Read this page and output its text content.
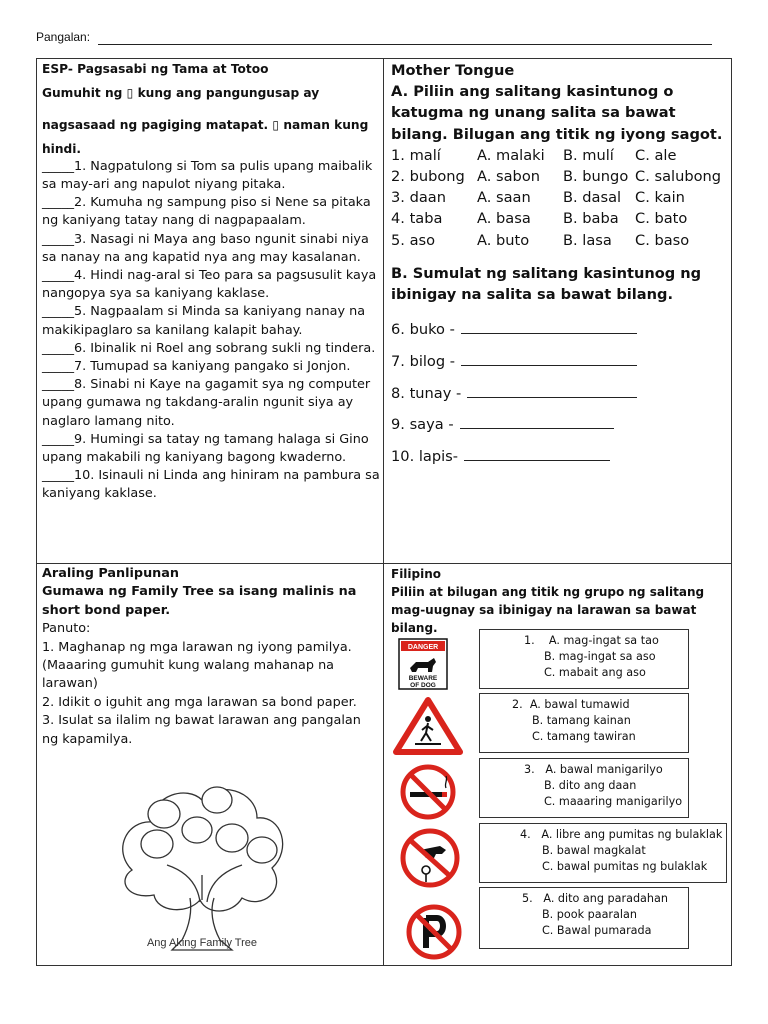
Pangalan:

ESP- Pagsasabi ng Tama at Totoo

Gumuhit ng ▯ kung ang pangungusap ay

nagsasaad ng pagiging matapat. ▯ naman kung

hindi.

_____1. Nagpatulong si Tom sa pulis upang maibalik sa may-ari ang napulot niyang pitaka.

_____2. Kumuha ng sampung piso si Nene sa pitaka ng kaniyang tatay nang di nagpapaalam.

_____3. Nasagi ni Maya ang baso ngunit sinabi niya sa nanay na ang kapatid nya ang may kasalanan.

_____4. Hindi nag-aral si Teo para sa pagsusulit kaya nangopya sya sa kaniyang kaklase.

_____5. Nagpaalam si Minda sa kaniyang nanay na makikipaglaro sa kanilang kalapit bahay.

_____6. Ibinalik ni Roel ang sobrang sukli ng tindera.

_____7. Tumupad sa kaniyang pangako si Jonjon.

_____8. Sinabi ni Kaye na gagamit sya ng computer upang gumawa ng takdang-aralin ngunit siya ay naglaro lamang nito.

_____9. Humingi sa tatay ng tamang halaga si Gino upang makabili ng kaniyang bagong kwaderno.

_____10. Isinauli ni Linda ang hiniram na pambura sa kaniyang kaklase.

Mother Tongue

A. Piliin ang salitang kasintunog o katugma ng unang salita sa bawat bilang. Bilugan ang titik ng iyong sagot.

1. malí	A. malaki	B. mulí	C. ale
2. bubong A. sabon	B. bungo C. salubong
3. daan	A. saan	B. dasal C. kain
4. taba	A. basa	B. baba	C. bato
5. aso	A. buto	B. lasa	C. baso

B. Sumulat ng salitang kasintunog ng ibinigay na salita sa bawat bilang.

6. buko -
7. bilog -
8. tunay -
9. saya -
10. lapis-

Araling Panlipunan

Gumawa ng Family Tree sa isang malinis na short bond paper.

Panuto:

1. Maghanap ng mga larawan ng iyong pamilya. (Maaaring gumuhit kung walang mahanap na larawan)

2. Idikit o iguhit ang mga larawan sa bond paper.

3. Isulat sa ilalim ng bawat larawan ang pangalan ng kapamilya.

Ang Aking Family Tree

Filipino

Piliin at bilugan ang titik ng grupo ng salitang mag-uugnay sa ibinigay na larawan sa bawat bilang.

DANGER
BEWARE
OF DOG
1. A. mag-ingat sa tao
B. mag-ingat sa aso
C. mabait ang aso
2. A. bawal tumawid
B. tamang kainan
C. tamang tawiran
3. A. bawal manigarilyo
B. dito ang daan
C. maaaring manigarilyo
4. A. libre ang pumitas ng bulaklak
B. bawal magkalat
C. bawal pumitas ng bulaklak
5. A. dito ang paradahan
B. pook paaralan
C. Bawal pumarada
